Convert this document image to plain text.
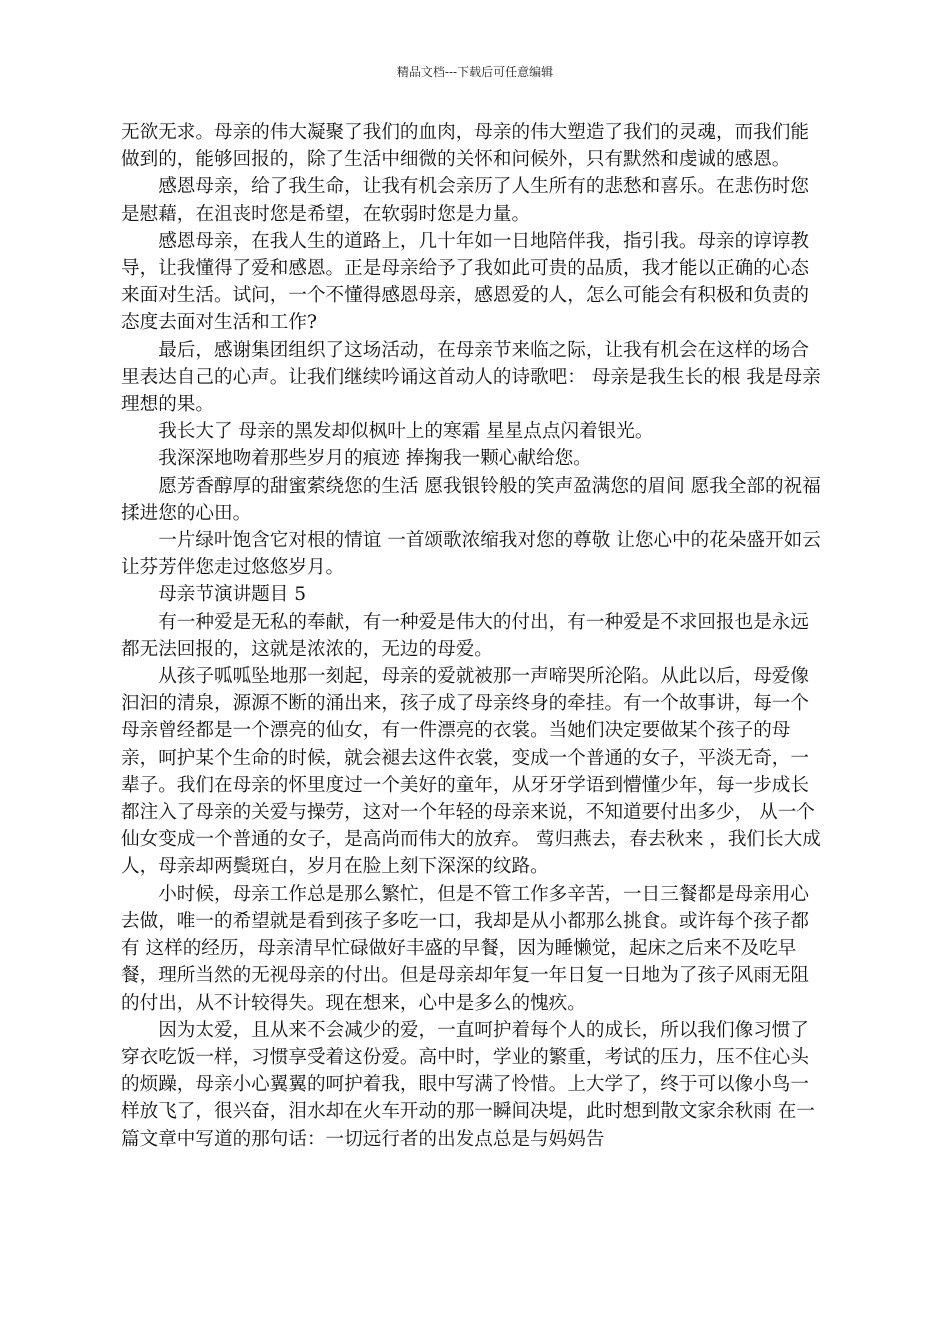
精品文档---下载后可任意编辑

无欲无求。母亲的伟大凝聚了我们的血肉，母亲的伟大塑造了我们的灵魂，而我们能做到的，能够回报的，除了生活中细微的关怀和问候外，只有默然和虔诚的感恩。

感恩母亲，给了我生命，让我有机会亲历了人生所有的悲愁和喜乐。在悲伤时您是慰藉，在沮丧时您是希望，在软弱时您是力量。

感恩母亲，在我人生的道路上，几十年如一日地陪伴我，指引我。母亲的谆谆教导，让我懂得了爱和感恩。正是母亲给予了我如此可贵的品质，我才能以正确的心态来面对生活。试问，一个不懂得感恩母亲，感恩爱的人，怎么可能会有积极和负责的态度去面对生活和工作?

最后，感谢集团组织了这场活动，在母亲节来临之际，让我有机会在这样的场合里表达自己的心声。让我们继续吟诵这首动人的诗歌吧： 母亲是我生长的根 我是母亲理想的果。

我长大了 母亲的黑发却似枫叶上的寒霜 星星点点闪着银光。

我深深地吻着那些岁月的痕迹 捧掬我一颗心献给您。

愿芳香醇厚的甜蜜萦绕您的生活 愿我银铃般的笑声盈满您的眉间 愿我全部的祝福揉进您的心田。

一片绿叶饱含它对根的情谊 一首颂歌浓缩我对您的尊敬 让您心中的花朵盛开如云 让芬芳伴您走过悠悠岁月。

母亲节演讲题目 5

有一种爱是无私的奉献，有一种爱是伟大的付出，有一种爱是不求回报也是永远都无法回报的，这就是浓浓的，无边的母爱。

从孩子呱呱坠地那一刻起，母亲的爱就被那一声啼哭所沦陷。从此以后，母爱像汩汩的清泉，源源不断的涌出来，孩子成了母亲终身的牵挂。有一个故事讲，每一个 母亲曾经都是一个漂亮的仙女，有一件漂亮的衣裳。当她们决定要做某个孩子的母亲，呵护某个生命的时候，就会褪去这件衣裳，变成一个普通的女子，平淡无奇，一辈子。我们在母亲的怀里度过一个美好的童年，从牙牙学语到懵懂少年，每一步成长都注入了母亲的关爱与操劳，这对一个年轻的母亲来说，不知道要付出多少， 从一个仙女变成一个普通的女子，是高尚而伟大的放弃。 莺归燕去，春去秋来 ，我们长大成人，母亲却两鬓斑白，岁月在脸上刻下深深的纹路。

小时候，母亲工作总是那么繁忙，但是不管工作多辛苦，一日三餐都是母亲用心去做，唯一的希望就是看到孩子多吃一口，我却是从小都那么挑食。或许每个孩子都有 这样的经历，母亲清早忙碌做好丰盛的早餐，因为睡懒觉，起床之后来不及吃早餐，理所当然的无视母亲的付出。但是母亲却年复一年日复一日地为了孩子风雨无阻 的付出，从不计较得失。现在想来，心中是多么的愧疚。

因为太爱，且从来不会减少的爱，一直呵护着每个人的成长，所以我们像习惯了穿衣吃饭一样，习惯享受着这份爱。高中时，学业的繁重，考试的压力，压不住心头 的烦躁，母亲小心翼翼的呵护着我，眼中写满了怜惜。上大学了，终于可以像小鸟一样放飞了，很兴奋，泪水却在火车开动的那一瞬间决堤，此时想到散文家余秋雨 在一篇文章中写道的那句话：一切远行者的出发点总是与妈妈告
